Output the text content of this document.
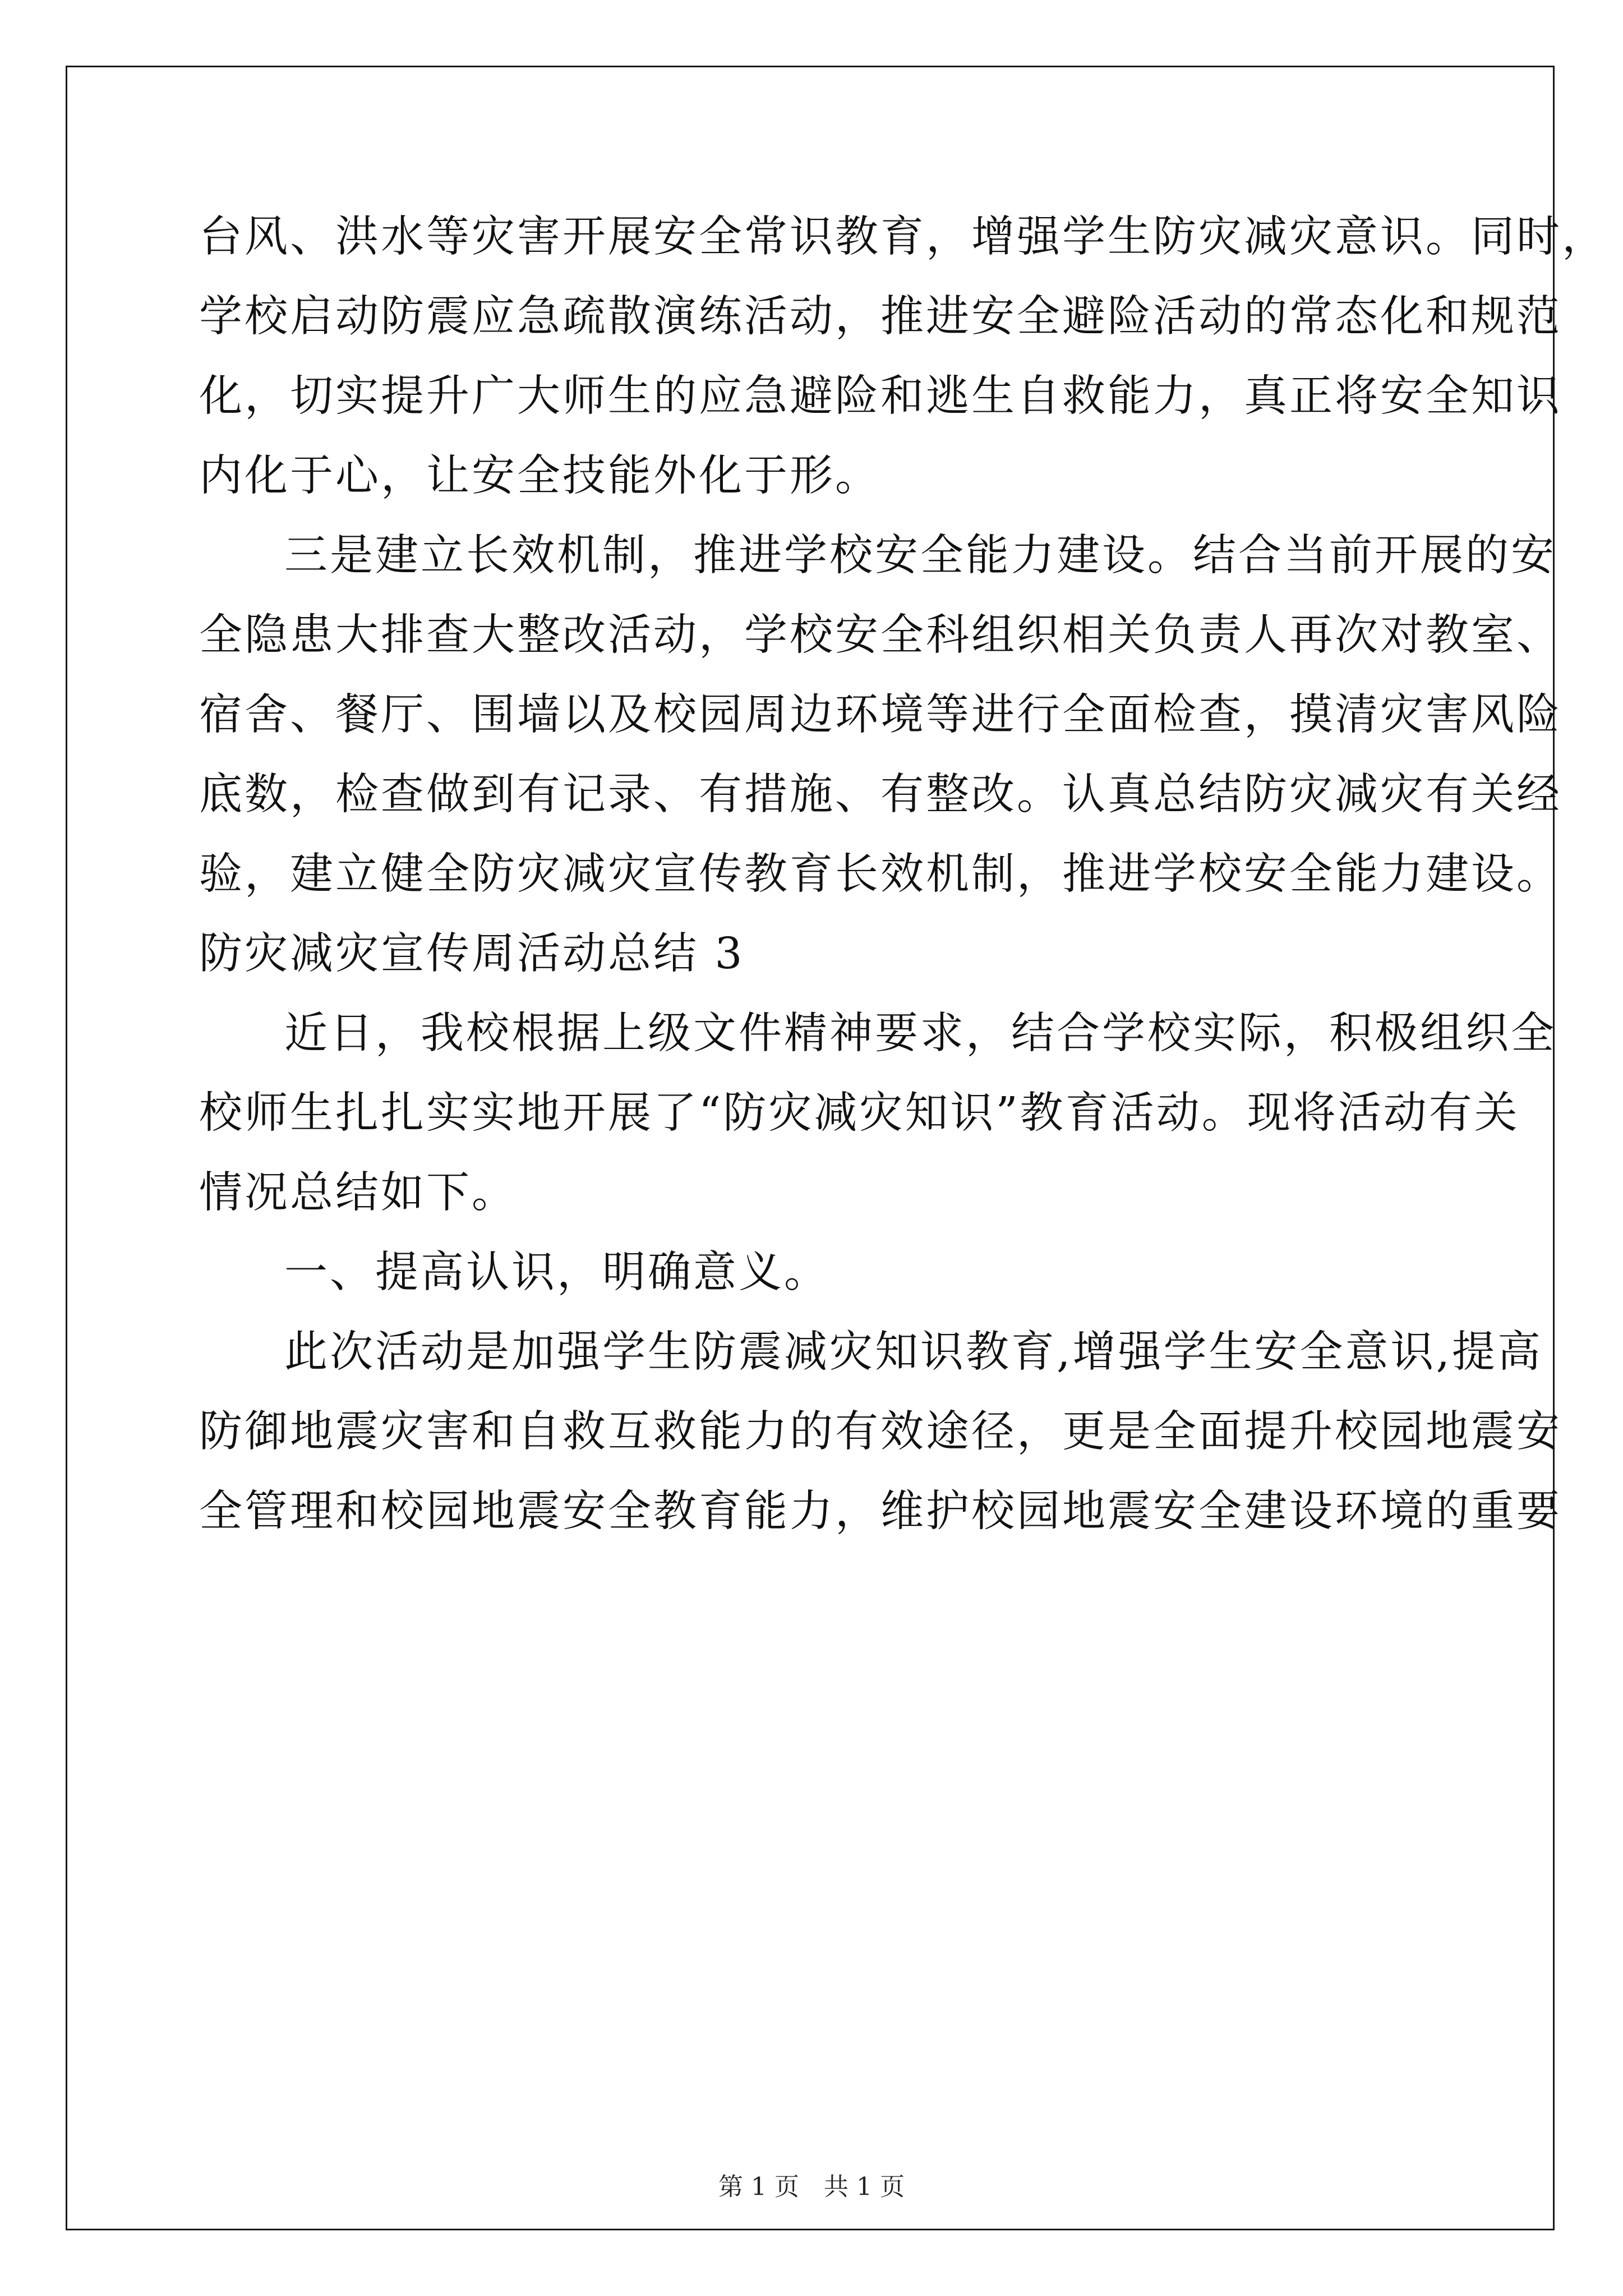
台风、洪水等灾害开展安全常识教育，增强学生防灾减灾意识。同时，
学校启动防震应急疏散演练活动，推进安全避险活动的常态化和规范
化，切实提升广大师生的应急避险和逃生自救能力，真正将安全知识
内化于心，让安全技能外化于形。
三是建立长效机制，推进学校安全能力建设。结合当前开展的安
全隐患大排查大整改活动，学校安全科组织相关负责人再次对教室、
宿舍、餐厅、围墙以及校园周边环境等进行全面检查，摸清灾害风险
底数，检查做到有记录、有措施、有整改。认真总结防灾减灾有关经
验，建立健全防灾减灾宣传教育长效机制，推进学校安全能力建设。
防灾减灾宣传周活动总结 3
近日，我校根据上级文件精神要求，结合学校实际，积极组织全
校师生扎扎实实地开展了“防灾减灾知识”教育活动。现将活动有关
情况总结如下。
一、提高认识，明确意义。
此次活动是加强学生防震减灾知识教育,增强学生安全意识,提高
防御地震灾害和自救互救能力的有效途径，更是全面提升校园地震安
全管理和校园地震安全教育能力，维护校园地震安全建设环境的重要
第 1 页　共 1 页
